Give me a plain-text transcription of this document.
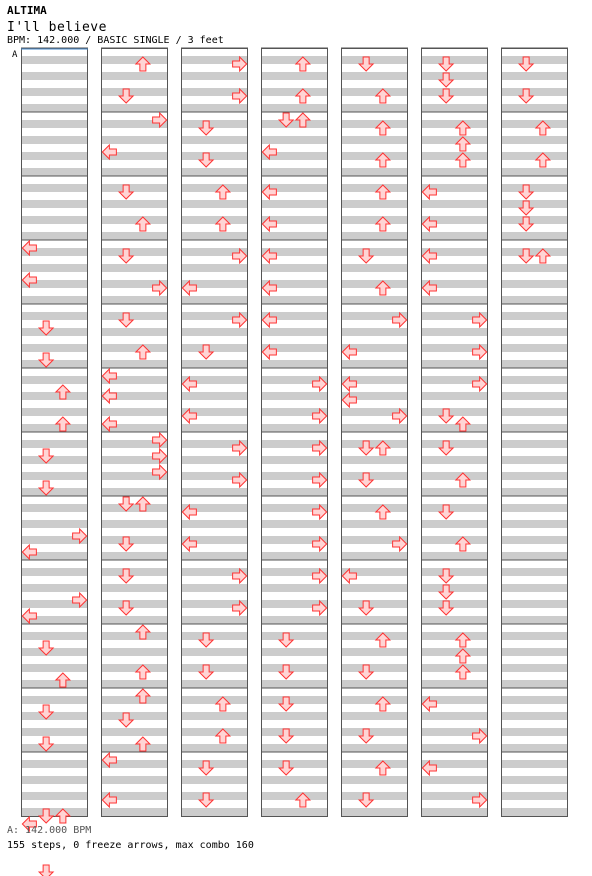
ALTIMA
I'll believe
BPM: 142.000 / BASIC SINGLE / 3 feet
A
A: 142.000 BPM
155 steps, 0 freeze arrows, max combo 160
